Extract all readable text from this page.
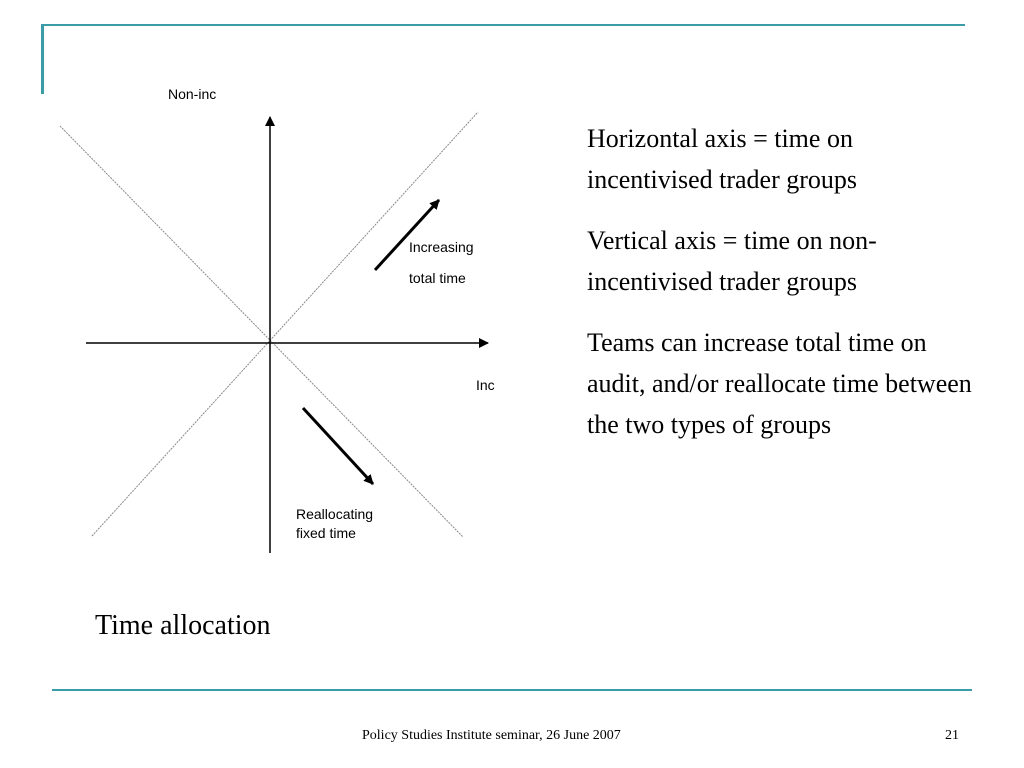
Non-inc
Inc
Increasing
total time
Reallocating
fixed time

Horizontal axis = time on incentivised trader groups

Vertical axis = time on non-incentivised trader groups

Teams can increase total time on audit, and/or reallocate time between the two types of groups

Time allocation
Policy Studies Institute seminar, 26 June 2007	21
